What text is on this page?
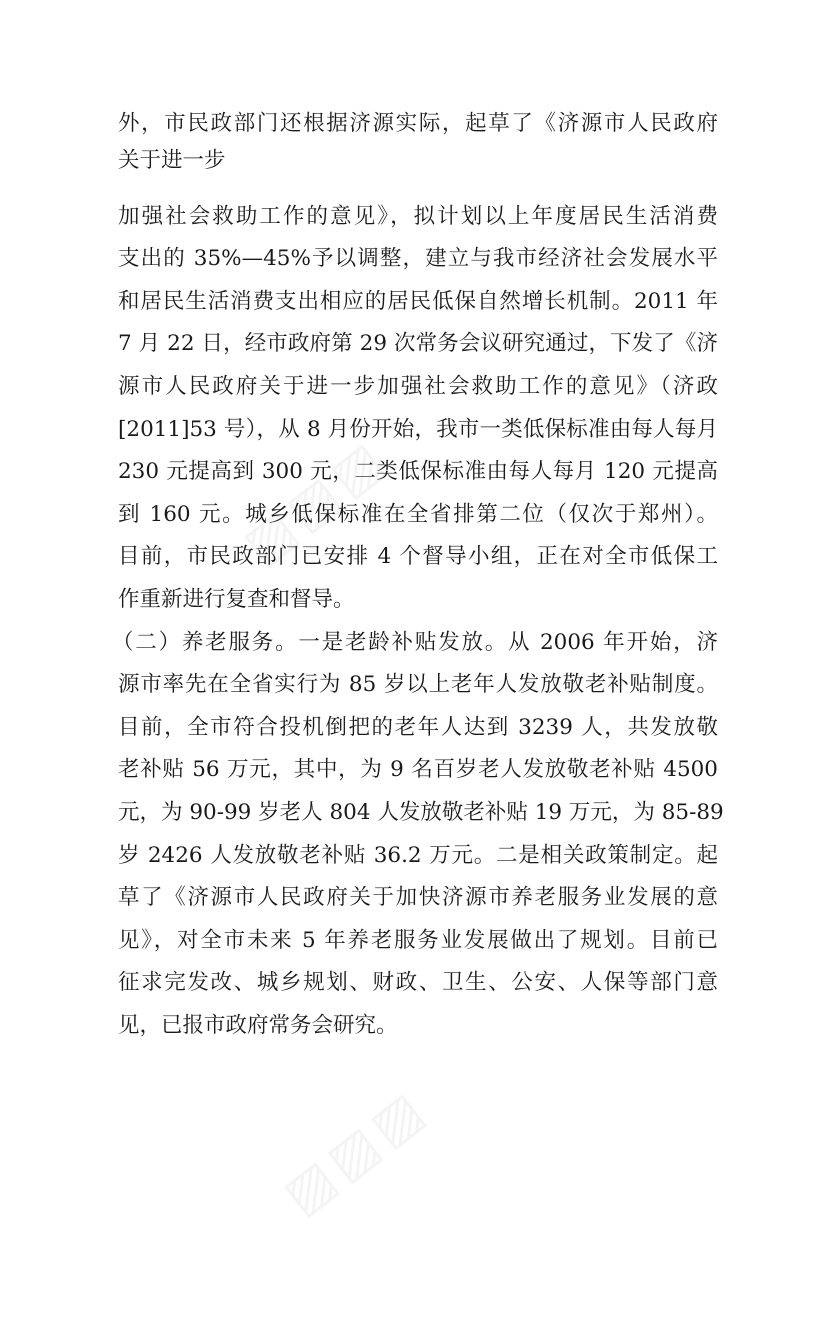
▨▨▨
▨▨▨
外，市民政部门还根据济源实际，起草了《济源市人民政府
关于进一步
加强社会救助工作的意见》，拟计划以上年度居民生活消费
支出的 35%—45%予以调整，建立与我市经济社会发展水平
和居民生活消费支出相应的居民低保自然增长机制。2011 年
7 月 22 日，经市政府第 29 次常务会议研究通过，下发了《济
源市人民政府关于进一步加强社会救助工作的意见》（济政
[2011]53 号），从 8 月份开始，我市一类低保标准由每人每月
230 元提高到 300 元，二类低保标准由每人每月 120 元提高
到 160 元。城乡低保标准在全省排第二位（仅次于郑州）。
目前，市民政部门已安排 4 个督导小组，正在对全市低保工
作重新进行复查和督导。
（二）养老服务。一是老龄补贴发放。从 2006 年开始，济
源市率先在全省实行为 85 岁以上老年人发放敬老补贴制度。
目前，全市符合投机倒把的老年人达到 3239 人，共发放敬
老补贴 56 万元，其中，为 9 名百岁老人发放敬老补贴 4500
元，为 90-99 岁老人 804 人发放敬老补贴 19 万元，为 85-89
岁 2426 人发放敬老补贴 36.2 万元。二是相关政策制定。起
草了《济源市人民政府关于加快济源市养老服务业发展的意
见》，对全市未来 5 年养老服务业发展做出了规划。目前已
征求完发改、城乡规划、财政、卫生、公安、人保等部门意
见，已报市政府常务会研究。
